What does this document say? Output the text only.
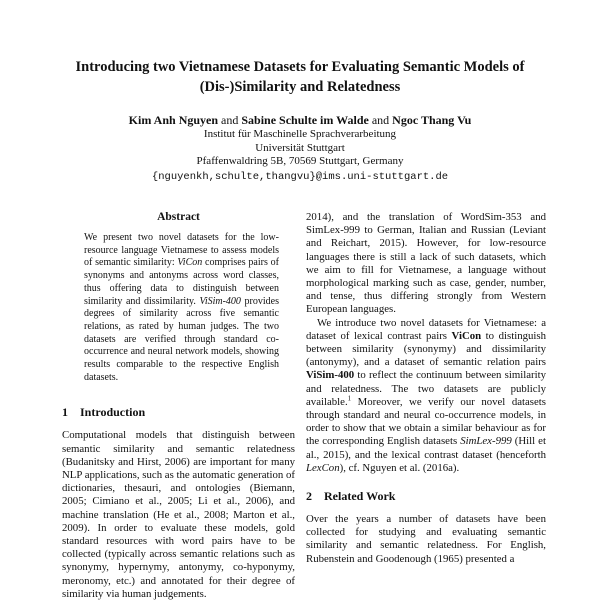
Introducing two Vietnamese Datasets for Evaluating Semantic Models of
(Dis-)Similarity and Relatedness
Kim Anh Nguyen and Sabine Schulte im Walde and Ngoc Thang Vu
Institut für Maschinelle Sprachverarbeitung
Universität Stuttgart
Pfaffenwaldring 5B, 70569 Stuttgart, Germany
{nguyenkh,schulte,thangvu}@ims.uni-stuttgart.de
Abstract

We present two novel datasets for the low-resource language Vietnamese to assess models of semantic similarity: ViCon comprises pairs of synonyms and antonyms across word classes, thus offering data to distinguish between similarity and dissimilarity. ViSim-400 provides degrees of similarity across five semantic relations, as rated by human judges. The two datasets are verified through standard co-occurrence and neural network models, showing results comparable to the respective English datasets.

1 Introduction

Computational models that distinguish between semantic similarity and semantic relatedness (Budanitsky and Hirst, 2006) are important for many NLP applications, such as the automatic generation of dictionaries, thesauri, and ontologies (Biemann, 2005; Cimiano et al., 2005; Li et al., 2006), and machine translation (He et al., 2008; Marton et al., 2009). In order to evaluate these models, gold standard resources with word pairs have to be collected (typically across semantic relations such as synonymy, hypernymy, antonymy, co-hyponymy, meronomy, etc.) and annotated for their degree of similarity via human judgements.

2014), and the translation of WordSim-353 and SimLex-999 to German, Italian and Russian (Leviant and Reichart, 2015). However, for low-resource languages there is still a lack of such datasets, which we aim to fill for Vietnamese, a language without morphological marking such as case, gender, number, and tense, thus differing strongly from Western European languages.

We introduce two novel datasets for Vietnamese: a dataset of lexical contrast pairs ViCon to distinguish between similarity (synonymy) and dissimilarity (antonymy), and a dataset of semantic relation pairs ViSim-400 to reflect the continuum between similarity and relatedness. The two datasets are publicly available.$^1$ Moreover, we verify our novel datasets through standard and neural co-occurrence models, in order to show that we obtain a similar behaviour as for the corresponding English datasets SimLex-999 (Hill et al., 2015), and the lexical contrast dataset (henceforth LexCon), cf. Nguyen et al. (2016a).

2 Related Work

Over the years a number of datasets have been collected for studying and evaluating semantic similarity and semantic relatedness. For English, Rubenstein and Goodenough (1965) presented a
